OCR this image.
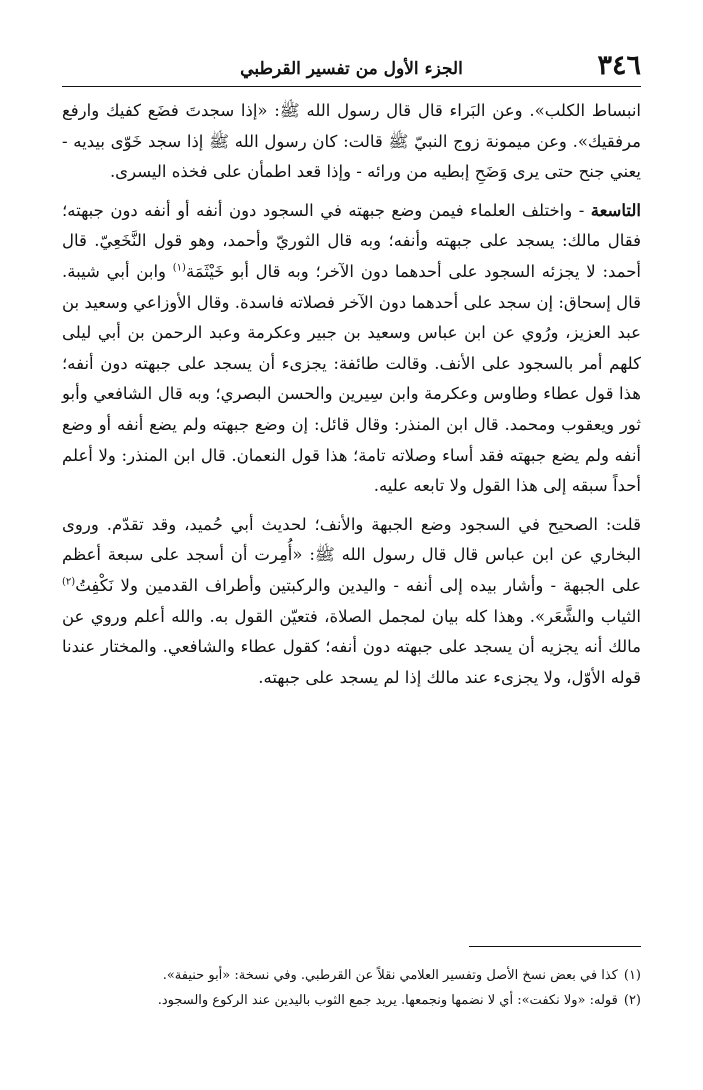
٣٤٦
الجزء الأول من تفسير القرطبي

انبساط الكلب». وعن البَراء قال قال رسول الله ﷺ: «إذا سجدتَ فضَع كفيك وارفع مرفقيك». وعن ميمونة زوج النبيّ ﷺ قالت: كان رسول الله ﷺ إذا سجد خَوّى بيديه - يعني جنح حتى يرى وَضَحِ إبطيه من ورائه - وإذا قعد اطمأن على فخذه اليسرى.

التاسعة - واختلف العلماء فيمن وضع جبهته في السجود دون أنفه أو أنفه دون جبهته؛ فقال مالك: يسجد على جبهته وأنفه؛ وبه قال الثوريّ وأحمد، وهو قول النَّخَعِيّ. قال أحمد: لا يجزئه السجود على أحدهما دون الآخر؛ وبه قال أبو خَيْثَمَة$^{(١)}$ وابن أبي شيبة. قال إسحاق: إن سجد على أحدهما دون الآخر فصلاته فاسدة. وقال الأوزاعي وسعيد بن عبد العزيز، ورُوي عن ابن عباس وسعيد بن جبير وعكرمة وعبد الرحمن بن أبي ليلى كلهم أمر بالسجود على الأنف. وقالت طائفة: يجزىء أن يسجد على جبهته دون أنفه؛ هذا قول عطاء وطاوس وعكرمة وابن سِيرين والحسن البصري؛ وبه قال الشافعي وأبو ثور ويعقوب ومحمد. قال ابن المنذر: وقال قائل: إن وضع جبهته ولم يضع أنفه أو وضع أنفه ولم يضع جبهته فقد أساء وصلاته تامة؛ هذا قول النعمان. قال ابن المنذر: ولا أعلم أحداً سبقه إلى هذا القول ولا تابعه عليه.

قلت: الصحيح في السجود وضع الجبهة والأنف؛ لحديث أبي حُميد، وقد تقدّم. وروى البخاري عن ابن عباس قال قال رسول الله ﷺ: «أُمِرت أن أسجد على سبعة أعظم على الجبهة - وأشار بيده إلى أنفه - واليدين والركبتين وأطراف القدمين ولا نَكْفِتُ$^{(٢)}$ الثياب والشَّعَر». وهذا كله بيان لمجمل الصلاة، فتعيّن القول به. والله أعلم وروي عن مالك أنه يجزيه أن يسجد على جبهته دون أنفه؛ كقول عطاء والشافعي. والمختار عندنا قوله الأوّل، ولا يجزىء عند مالك إذا لم يسجد على جبهته.

(١)كذا في بعض نسخ الأصل وتفسير العلامي نقلاً عن القرطبي. وفي نسخة: «أبو حنيفة».

(٢)قوله: «ولا نكفت»: أي لا نضمها ونجمعها. يريد جمع الثوب باليدين عند الركوع والسجود.
